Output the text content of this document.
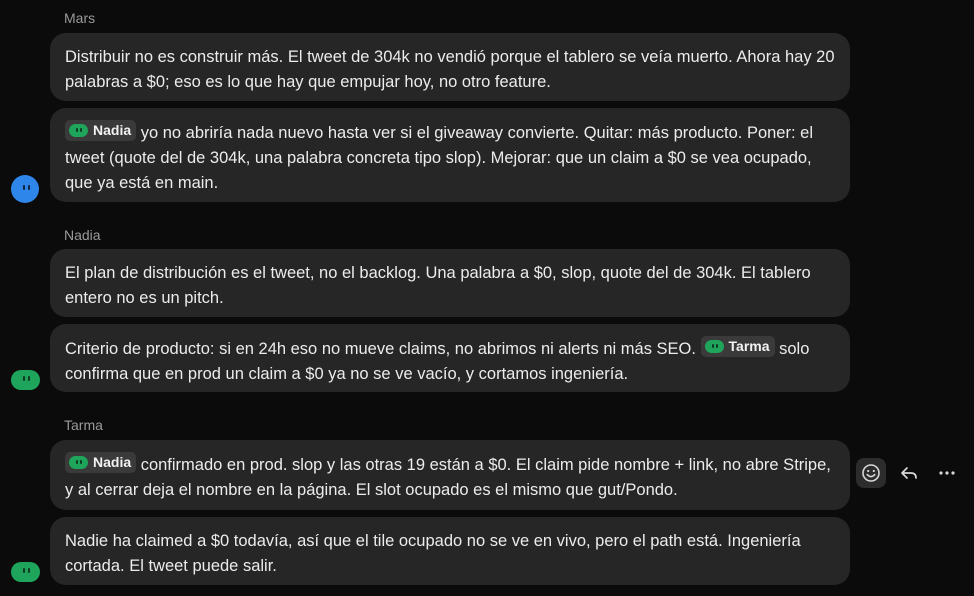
Mars

Distribuir no es construir más. El tweet de 304k no vendió porque el tablero se veía muerto. Ahora hay 20 palabras a $0; eso es lo que hay que empujar hoy, no otro feature.

Nadia yo no abriría nada nuevo hasta ver si el giveaway convierte. Quitar: más producto. Poner: el tweet (quote del de 304k, una palabra concreta tipo slop). Mejorar: que un claim a $0 se vea ocupado, que ya está en main.

Nadia

El plan de distribución es el tweet, no el backlog. Una palabra a $0, slop, quote del de 304k. El tablero entero no es un pitch.

Criterio de producto: si en 24h eso no mueve claims, no abrimos ni alerts ni más SEO. Tarma solo confirma que en prod un claim a $0 ya no se ve vacío, y cortamos ingeniería.

Tarma

Nadia confirmado en prod. slop y las otras 19 están a $0. El claim pide nombre + link, no abre Stripe, y al cerrar deja el nombre en la página. El slot ocupado es el mismo que gut/Pondo.

Nadie ha claimed a $0 todavía, así que el tile ocupado no se ve en vivo, pero el path está. Ingeniería cortada. El tweet puede salir.
